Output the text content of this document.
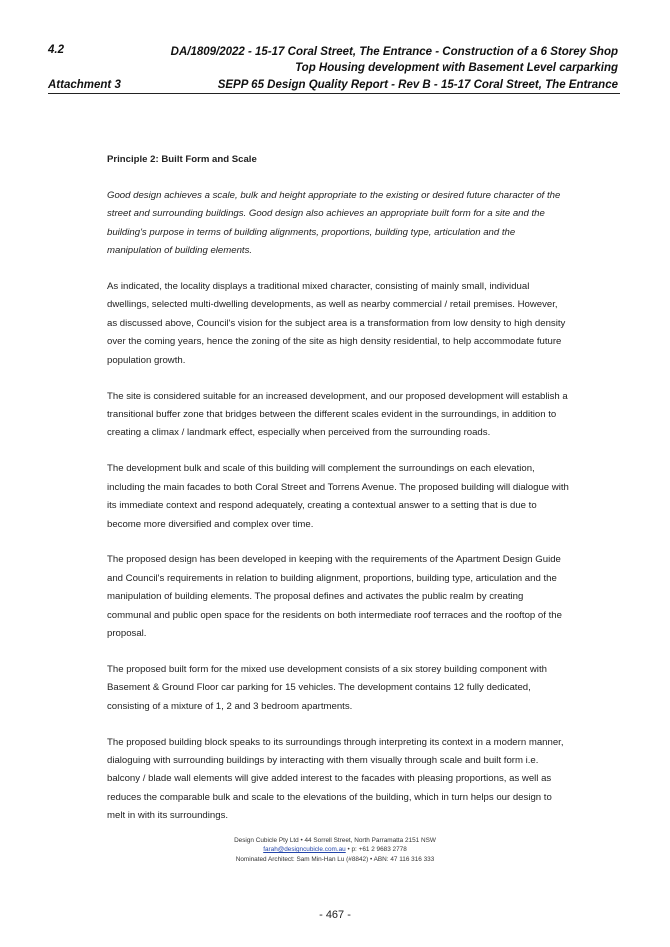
4.2	DA/1809/2022 - 15-17 Coral Street, The Entrance - Construction of a 6 Storey Shop
Top Housing development with Basement Level carparking
Attachment 3	SEPP 65 Design Quality Report - Rev B - 15-17 Coral Street, The Entrance

Principle 2: Built Form and Scale

Good design achieves a scale, bulk and height appropriate to the existing or desired future character of the street and surrounding buildings. Good design also achieves an appropriate built form for a site and the building's purpose in terms of building alignments, proportions, building type, articulation and the manipulation of building elements.

As indicated, the locality displays a traditional mixed character, consisting of mainly small, individual dwellings, selected multi-dwelling developments, as well as nearby commercial / retail premises. However, as discussed above, Council's vision for the subject area is a transformation from low density to high density over the coming years, hence the zoning of the site as high density residential, to help accommodate future population growth.

The site is considered suitable for an increased development, and our proposed development will establish a transitional buffer zone that bridges between the different scales evident in the surroundings, in addition to creating a climax / landmark effect, especially when perceived from the surrounding roads.

The development bulk and scale of this building will complement the surroundings on each elevation, including the main facades to both Coral Street and Torrens Avenue. The proposed building will dialogue with its immediate context and respond adequately, creating a contextual answer to a setting that is due to become more diversified and complex over time.

The proposed design has been developed in keeping with the requirements of the Apartment Design Guide and Council's requirements in relation to building alignment, proportions, building type, articulation and the manipulation of building elements. The proposal defines and activates the public realm by creating communal and public open space for the residents on both intermediate roof terraces and the rooftop of the proposal.

The proposed built form for the mixed use development consists of a six storey building component with Basement & Ground Floor car parking for 15 vehicles. The development contains 12 fully dedicated, consisting of a mixture of 1, 2 and 3 bedroom apartments.

The proposed building block speaks to its surroundings through interpreting its context in a modern manner, dialoguing with surrounding buildings by interacting with them visually through scale and built form i.e. balcony / blade wall elements will give added interest to the facades with pleasing proportions, as well as reduces the comparable bulk and scale to the elevations of the building, which in turn helps our design to melt in with its surroundings.

Design Cubicle Pty Ltd • 44 Sorrell Street, North Parramatta 2151 NSW
farah@designcubicle.com.au • p: +61 2 9683 2778
Nominated Architect: Sam Min-Han Lu (#8842) • ABN: 47 116 316 333
- 467 -
